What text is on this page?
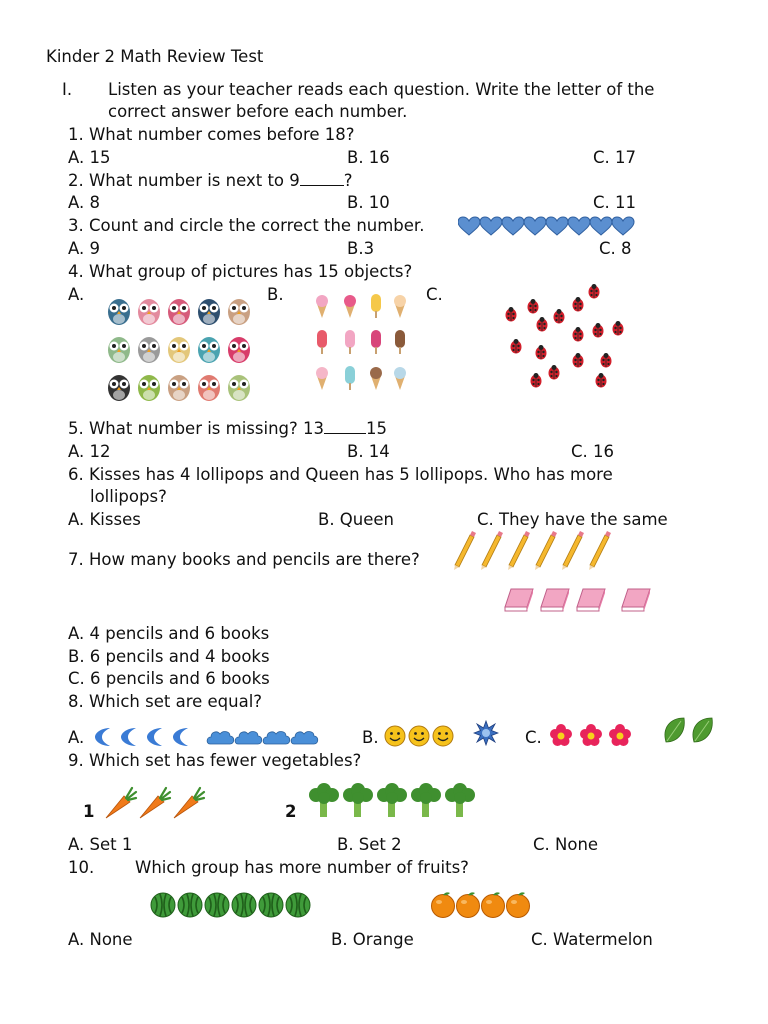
Kinder 2 Math Review Test
I. Listen as your teacher reads each question. Write the letter of the
correct answer before each number.
1. What number comes before 18?
A. 15	B. 16	C. 17
2. What number is next to 9	?
A. 8	B. 10	C. 11
3. Count and circle the correct the number.
A. 9	B.3	C. 8
4. What group of pictures has 15 objects?
A.	B.	C.
5. What number is missing? 13	15
A. 12	B. 14	C. 16
6. Kisses has 4 lollipops and Queen has 5 lollipops. Who has more
lollipops?
A. Kisses	B. Queen	C. They have the same
7. How many books and pencils are there?
A. 4 pencils and 6 books
B. 6 pencils and 4 books
C. 6 pencils and 6 books
8. Which set are equal?
A.	B.	C.
9. Which set has fewer vegetables?
1	2
A. Set 1	B. Set 2	C. None
10. Which group has more number of fruits?
A. None	B. Orange	C. Watermelon
